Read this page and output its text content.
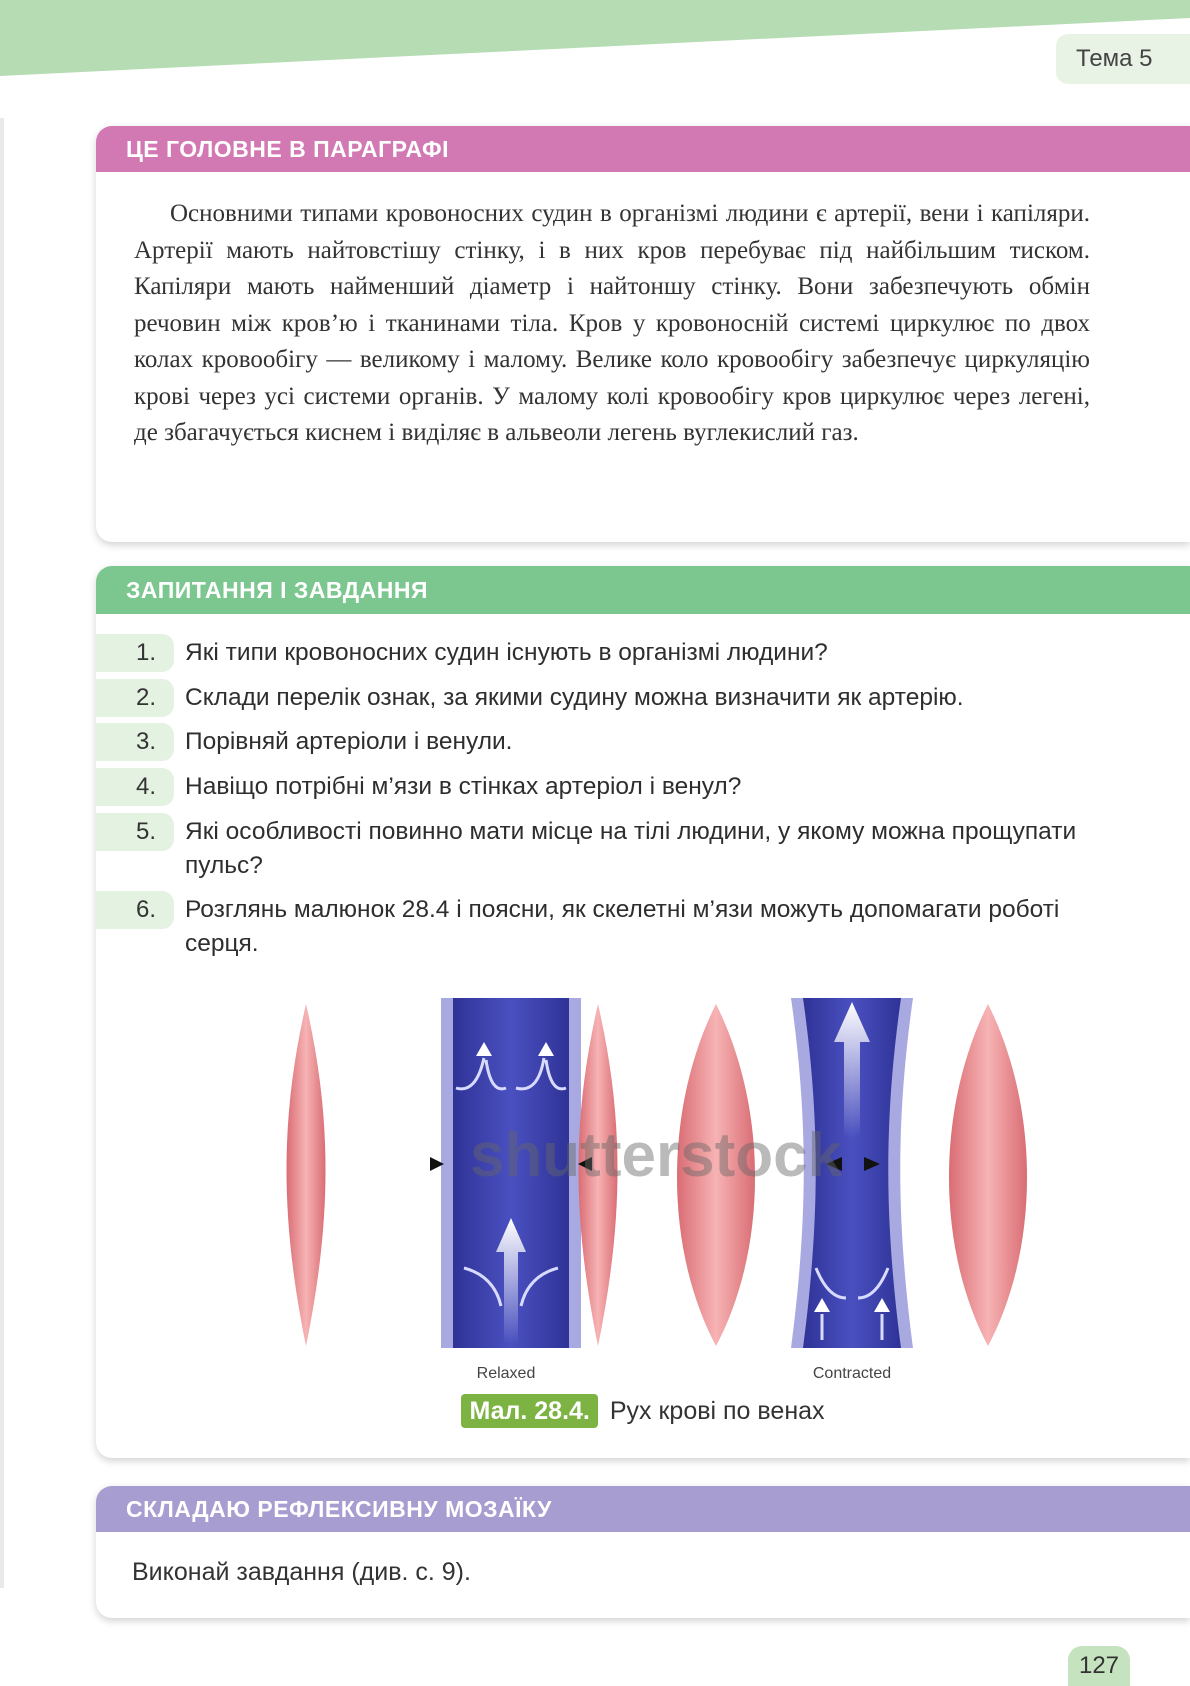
Тема 5
ЦЕ ГОЛОВНЕ В ПАРАГРАФІ

Основними типами кровоносних судин в організмі людини є артерії, вени і капіляри. Артерії мають найтовстішу стінку, і в них кров перебуває під найбільшим тиском. Капіляри мають найменший діаметр і найтоншу стінку. Вони забезпечують обмін речовин між кров’ю і тканинами тіла. Кров у кровоносній системі циркулює по двох колах кровообігу — великому і малому. Велике коло кровообігу забезпечує циркуляцію крові через усі системи органів. У малому колі кровообігу кров циркулює через легені, де збагачується киснем і виділяє в альвеоли легень вуглекислий газ.

ЗАПИТАННЯ І ЗАВДАННЯ
1.	Які типи кровоносних судин існують в організмі людини?
2.	Склади перелік ознак, за якими судину можна визначити як артерію.
3.	Порівняй артеріоли і венули.
4.	Навіщо потрібні м’язи в стінках артеріол і венул?
5.	Які особливості повинно мати місце на тілі людини, у якому можна прощупати пульс?
6.	Розглянь малюнок 28.4 і поясни, як скелетні м’язи можуть допомагати роботі серця.
Relaxed	Contracted
shutterstock
Мал. 28.4. Рух крові по венах
СКЛАДАЮ РЕФЛЕКСИВНУ МОЗАЇКУ
Виконай завдання (див. с. 9).
127
